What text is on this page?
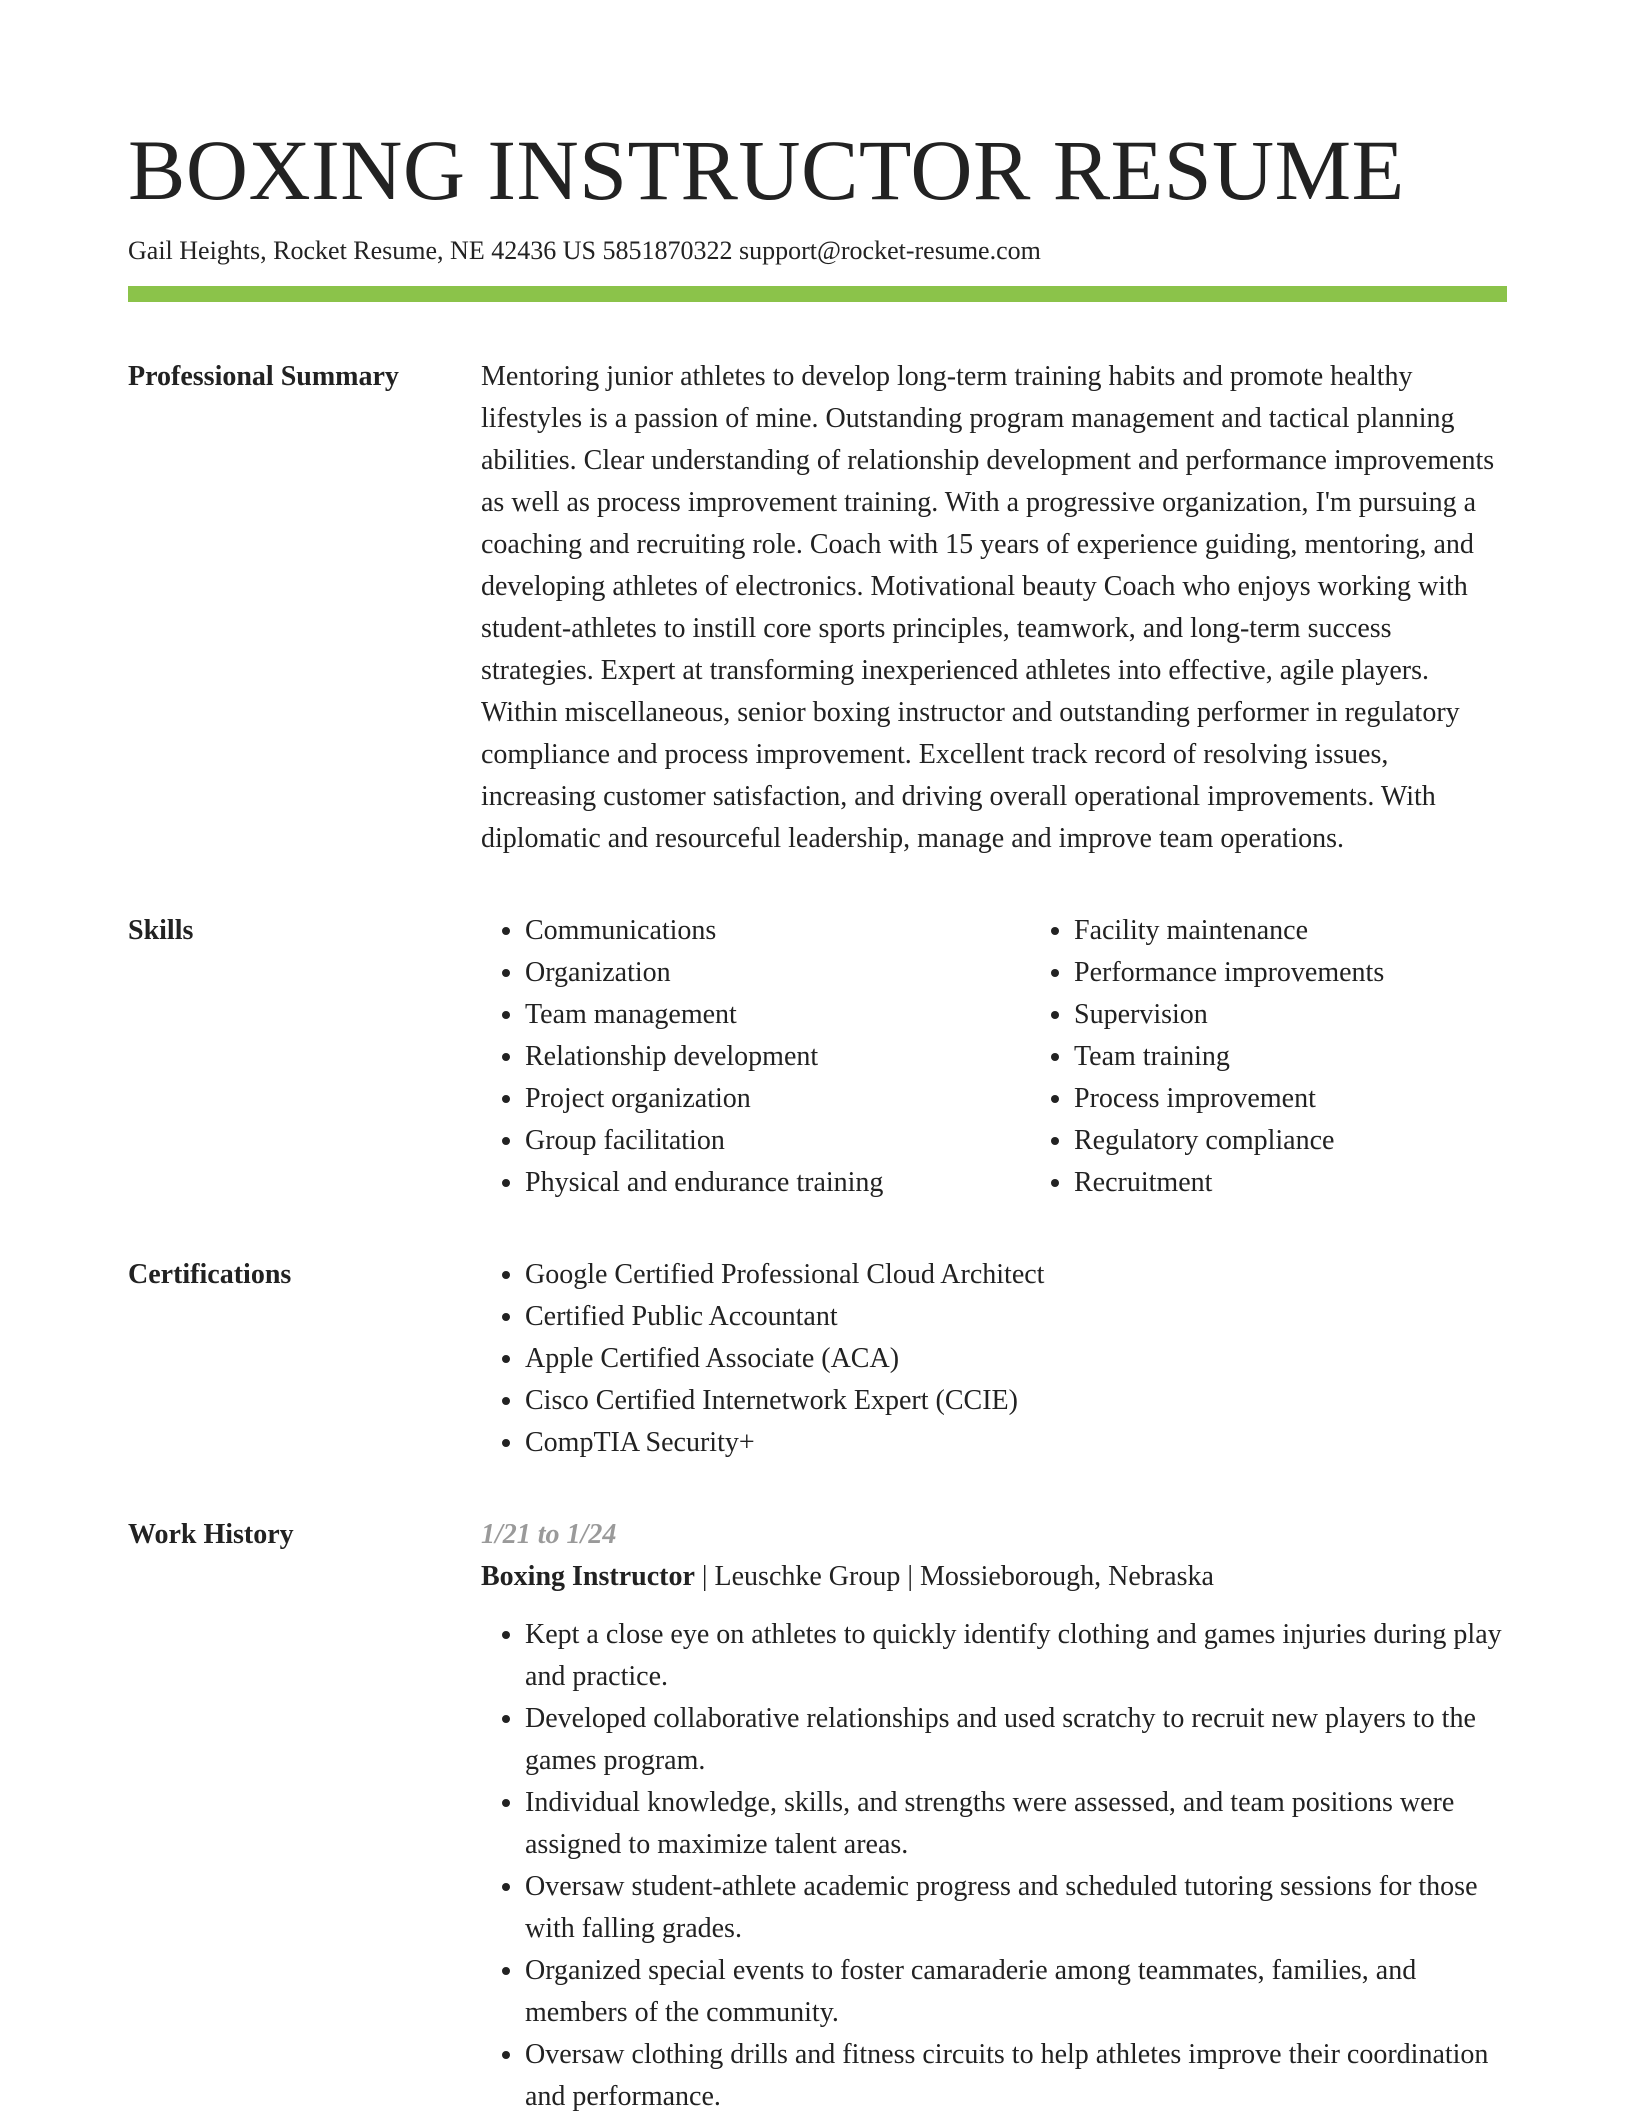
BOXING INSTRUCTOR RESUME
Gail Heights, Rocket Resume, NE 42436 US 5851870322 support@rocket-resume.com
Professional Summary	Mentoring junior athletes to develop long-term training habits and promote healthy lifestyles is a passion of mine. Outstanding program management and tactical planning abilities. Clear understanding of relationship development and performance improvements as well as process improvement training. With a progressive organization, I'm pursuing a coaching and recruiting role. Coach with 15 years of experience guiding, mentoring, and developing athletes of electronics. Motivational beauty Coach who enjoys working with student-athletes to instill core sports principles, teamwork, and long-term success strategies. Expert at transforming inexperienced athletes into effective, agile players. Within miscellaneous, senior boxing instructor and outstanding performer in regulatory compliance and process improvement. Excellent track record of resolving issues, increasing customer satisfaction, and driving overall operational improvements. With diplomatic and resourceful leadership, manage and improve team operations.

Skills	• Communications
• Organization
• Team management
• Relationship development
• Project organization
• Group facilitation
• Physical and endurance training
• Facility maintenance
• Performance improvements
• Supervision
• Team training
• Process improvement
• Regulatory compliance
• Recruitment
Certifications	• Google Certified Professional Cloud Architect
• Certified Public Accountant
• Apple Certified Associate (ACA)
• Cisco Certified Internetwork Expert (CCIE)
• CompTIA Security+
Work History	1/21 to 1/24

Boxing Instructor | Leuschke Group | Mossieborough, Nebraska

• Kept a close eye on athletes to quickly identify clothing and games injuries during play and practice.
• Developed collaborative relationships and used scratchy to recruit new players to the games program.
• Individual knowledge, skills, and strengths were assessed, and team positions were assigned to maximize talent areas.
• Oversaw student-athlete academic progress and scheduled tutoring sessions for those with falling grades.
• Organized special events to foster camaraderie among teammates, families, and members of the community.
• Oversaw clothing drills and fitness circuits to help athletes improve their coordination and performance.
